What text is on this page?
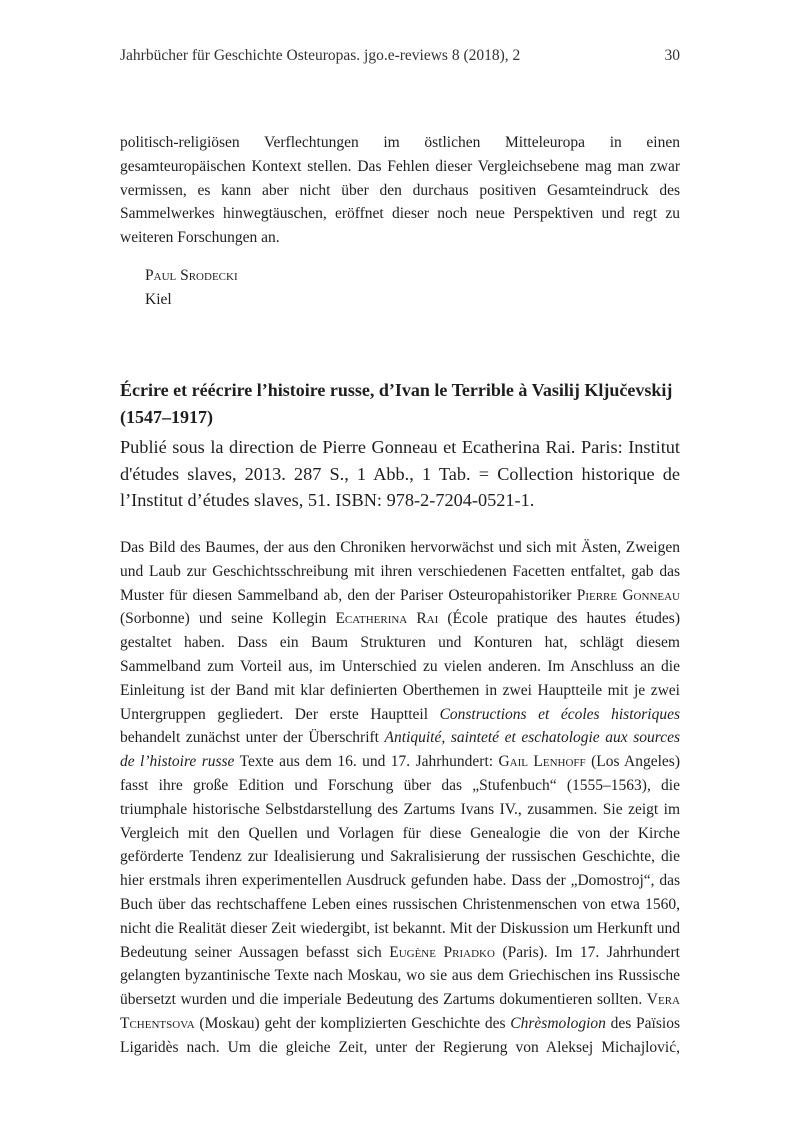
Jahrbücher für Geschichte Osteuropas. jgo.e-reviews 8 (2018), 2	30

politisch-religiösen Verflechtungen im östlichen Mitteleuropa in einen gesamteuropäischen Kontext stellen. Das Fehlen dieser Vergleichsebene mag man zwar vermissen, es kann aber nicht über den durchaus positiven Gesamteindruck des Sammelwerkes hinwegtäuschen, eröffnet dieser noch neue Perspektiven und regt zu weiteren Forschungen an.

Paul Srodecki
Kiel
Écrire et réécrire l’histoire russe, d’Ivan le Terrible à Vasilij Ključevskij (1547–1917)

Publié sous la direction de Pierre Gonneau et Ecatherina Rai. Paris: Institut d'études slaves, 2013. 287 S., 1 Abb., 1 Tab. = Collection historique de l’Institut d’études slaves, 51. ISBN: 978-2-7204-0521-1.

Das Bild des Baumes, der aus den Chroniken hervorwächst und sich mit Ästen, Zweigen und Laub zur Geschichtsschreibung mit ihren verschiedenen Facetten entfaltet, gab das Muster für diesen Sammelband ab, den der Pariser Osteuropahistoriker Pierre Gonneau (Sorbonne) und seine Kollegin Ecatherina Rai (École pratique des hautes études) gestaltet haben. Dass ein Baum Strukturen und Konturen hat, schlägt diesem Sammelband zum Vorteil aus, im Unterschied zu vielen anderen. Im Anschluss an die Einleitung ist der Band mit klar definierten Oberthemen in zwei Hauptteile mit je zwei Untergruppen gegliedert. Der erste Hauptteil Constructions et écoles historiques behandelt zunächst unter der Überschrift Antiquité, sainteté et eschatologie aux sources de l’histoire russe Texte aus dem 16. und 17. Jahrhundert: Gail Lenhoff (Los Angeles) fasst ihre große Edition und Forschung über das „Stufenbuch“ (1555–1563), die triumphale historische Selbstdarstellung des Zartums Ivans IV., zusammen. Sie zeigt im Vergleich mit den Quellen und Vorlagen für diese Genealogie die von der Kirche geförderte Tendenz zur Idealisierung und Sakralisierung der russischen Geschichte, die hier erstmals ihren experimentellen Ausdruck gefunden habe. Dass der „Domostroj“, das Buch über das rechtschaffene Leben eines russischen Christenmenschen von etwa 1560, nicht die Realität dieser Zeit wiedergibt, ist bekannt. Mit der Diskussion um Herkunft und Bedeutung seiner Aussagen befasst sich Eugène Priadko (Paris). Im 17. Jahrhundert gelangten byzantinische Texte nach Moskau, wo sie aus dem Griechischen ins Russische übersetzt wurden und die imperiale Bedeutung des Zartums dokumentieren sollten. Vera Tchentsova (Moskau) geht der komplizierten Geschichte des Chrèsmologion des Païsios Ligaridès nach. Um die gleiche Zeit, unter der Regierung von Aleksej Michajlović,
